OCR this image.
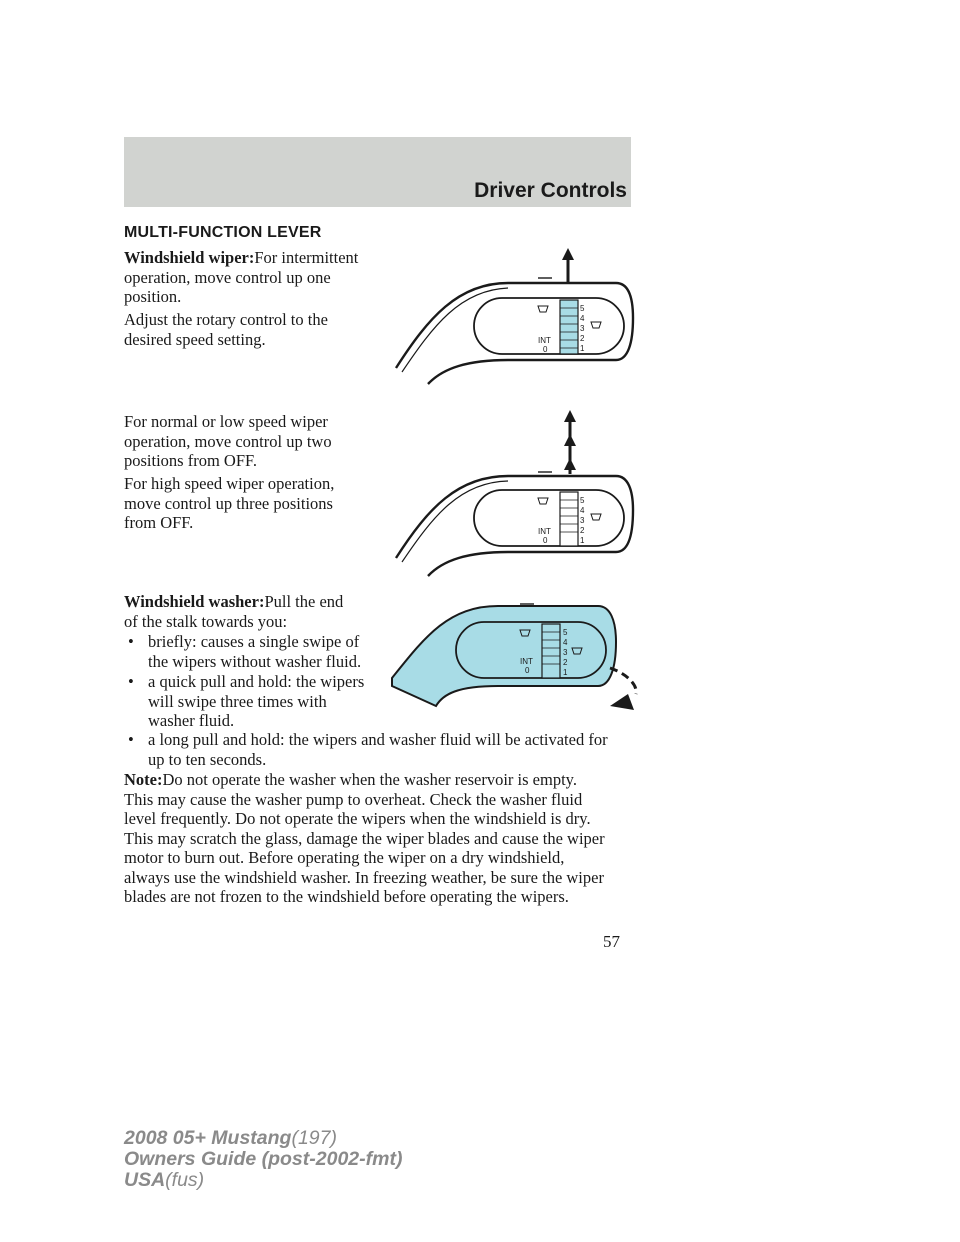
Driver Controls
MULTI-FUNCTION LEVER

Windshield wiper:For intermittent
operation, move control up one
position.

Adjust the rotary control to the
desired speed setting.

For normal or low speed wiper
operation, move control up two
positions from OFF.

For high speed wiper operation,
move control up three positions
from OFF.

Windshield washer:Pull the end
of the stalk towards you:

• briefly: causes a single swipe of
the wipers without washer fluid.
• a quick pull and hold: the wipers
will swipe three times with
washer fluid.
• a long pull and hold: the wipers and washer fluid will be activated for
up to ten seconds.

Note:Do not operate the washer when the washer reservoir is empty.
This may cause the washer pump to overheat. Check the washer fluid
level frequently. Do not operate the wipers when the windshield is dry.
This may scratch the glass, damage the wiper blades and cause the wiper
motor to burn out. Before operating the wiper on a dry windshield,
always use the windshield washer. In freezing weather, be sure the wiper
blades are not frozen to the windshield before operating the wipers.

5
4
3
2
1
INT
0
5
4
3
2
1
INT
0
5
4
3
2
1
INT
0
57
2008 05+ Mustang(197)
Owners Guide (post-2002-fmt)
USA(fus)
